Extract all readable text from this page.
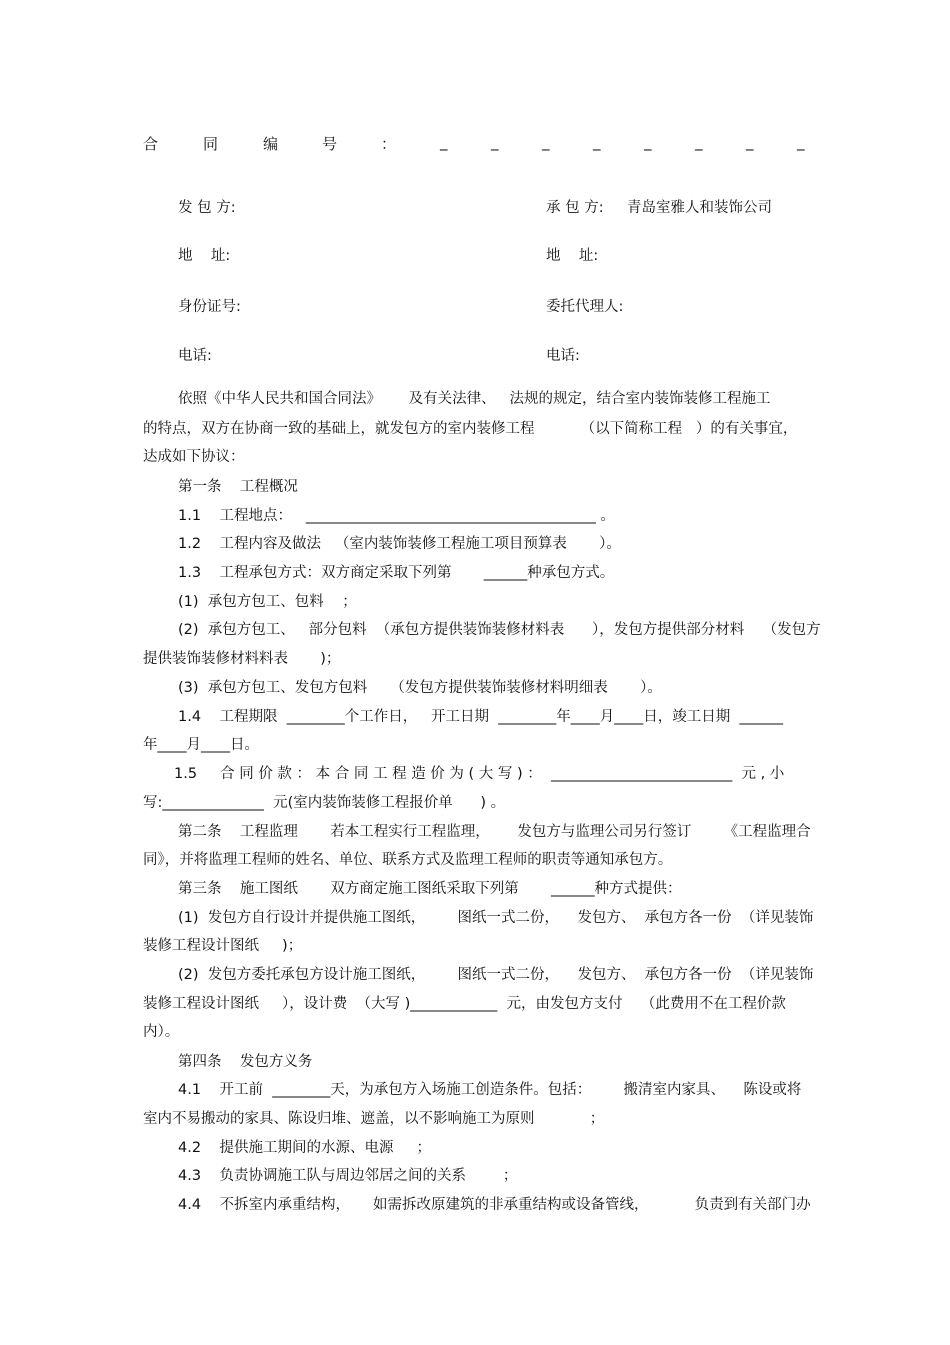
合	同	编	号	：	_	_	_	_	_	_	_	_
发 包 方:	承 包 方: 青岛室雅人和装饰公司
地    址:	地    址:
身份证号:	委托代理人:
电话:	电话:
依照《中华人民共和国合同法》      及有关法律、   法规的规定，结合室内装饰装修工程施工
的特点，双方在协商一致的基础上，就发包方的室内装修工程          （以下简称工程   ）的有关事宜，
达成如下协议：
第一条    工程概况
1.1    工程地点：   ________________________________________ 。
1.2    工程内容及做法   （室内装饰装修工程施工项目预算表       ）。
1.3    工程承包方式：双方商定采取下列第       ______种承包方式。
(1)  承包方包工、包料    ；
(2)  承包方包工、   部分包料  （承包方提供装饰装修材料表      ），发包方提供部分材料    （发包方
提供装饰装修材料料表       )；
(3)  承包方包工、发包方包料     （发包方提供装饰装修材料明细表       ）。
1.4    工程期限  ________个工作日，   开工日期  ________年____月____日，竣工日期  ______
年____月____日。
1.5     合 同 价 款 ： 本 合 同 工 程 造 价 为 ( 大 写 ) ：  _________________________  元 , 小
写:______________  元(室内装饰装修工程报价单      ) 。
第二条    工程监理       若本工程实行工程监理，      发包方与监理公司另行签订       《工程监理合
同》，并将监理工程师的姓名、单位、联系方式及监理工程师的职责等通知承包方。
第三条    施工图纸       双方商定施工图纸采取下列第       ______种方式提供：
(1)  发包方自行设计并提供施工图纸，       图纸一式二份，    发包方、  承包方各一份  （详见装饰
装修工程设计图纸     )；
(2)  发包方委托承包方设计施工图纸，       图纸一式二份，    发包方、  承包方各一份  （详见装饰
装修工程设计图纸     ），设计费  （大写 )____________  元，由发包方支付    （此费用不在工程价款
内）。
第四条    发包方义务
4.1    开工前  ________天，为承包方入场施工创造条件。包括：       搬清室内家具、    陈设或将
室内不易搬动的家具、陈设归堆、遮盖，以不影响施工为原则            ；
4.2    提供施工期间的水源、电源     ；
4.3    负责协调施工队与周边邻居之间的关系        ；
4.4    不拆室内承重结构，     如需拆改原建筑的非承重结构或设备管线，          负责到有关部门办
